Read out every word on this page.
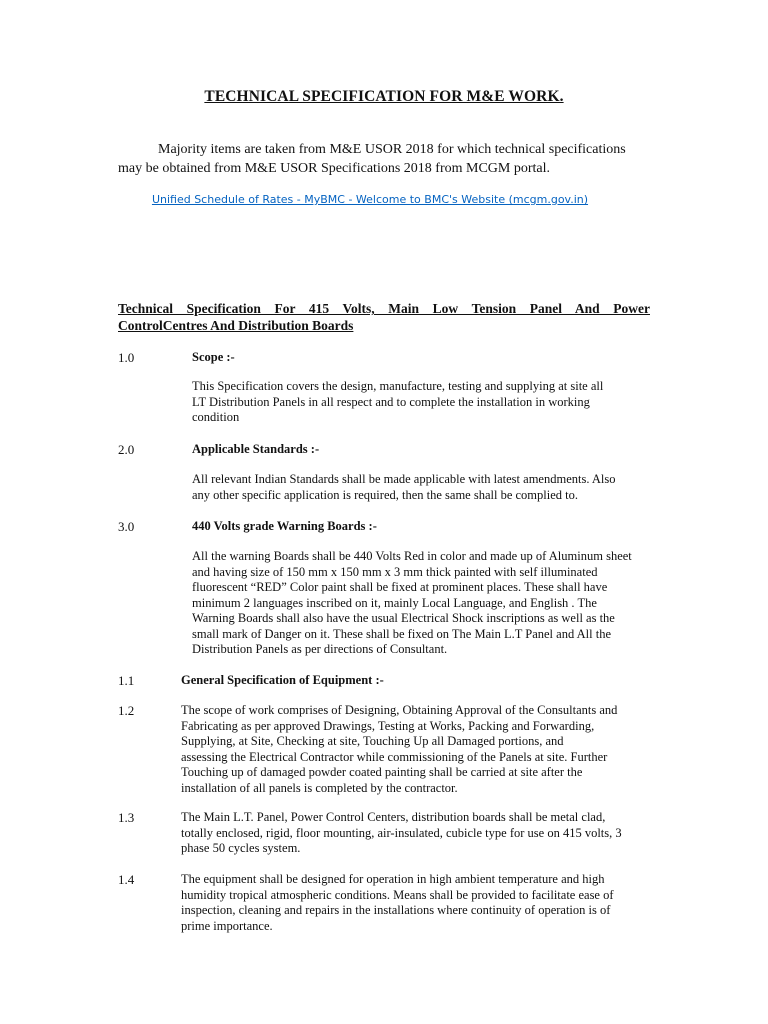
TECHNICAL SPECIFICATION FOR M&E WORK.
Majority items are taken from M&E USOR 2018 for which technical specifications
may be obtained from M&E USOR Specifications 2018 from MCGM portal.
Unified Schedule of Rates - MyBMC - Welcome to BMC's Website (mcgm.gov.in)
Technical Specification For 415 Volts, Main Low Tension Panel And Power
ControlCentres And Distribution Boards
1.0	Scope :-
This Specification covers the design, manufacture, testing and supplying at site all
LT Distribution Panels in all respect and to complete the installation in working
condition
2.0	Applicable Standards :-
All relevant Indian Standards shall be made applicable with latest amendments. Also
any other specific application is required, then the same shall be complied to.
3.0	440 Volts grade Warning Boards :-
All the warning Boards shall be 440 Volts Red in color and made up of Aluminum sheet
and having size of 150 mm x 150 mm x 3 mm thick painted with self illuminated
fluorescent “RED” Color paint shall be fixed at prominent places. These shall have
minimum 2 languages inscribed on it, mainly Local Language, and English . The
Warning Boards shall also have the usual Electrical Shock inscriptions as well as the
small mark of Danger on it. These shall be fixed on The Main L.T Panel and All the
Distribution Panels as per directions of Consultant.
1.1	General Specification of Equipment :-
1.2	The scope of work comprises of Designing, Obtaining Approval of the Consultants and
Fabricating as per approved Drawings, Testing at Works, Packing and Forwarding,
Supplying, at Site, Checking at site, Touching Up all Damaged portions, and
assessing the Electrical Contractor while commissioning of the Panels at site. Further
Touching up of damaged powder coated painting shall be carried at site after the
installation of all panels is completed by the contractor.
1.3	The Main L.T. Panel, Power Control Centers, distribution boards shall be metal clad,
totally enclosed, rigid, floor mounting, air-insulated, cubicle type for use on 415 volts, 3
phase 50 cycles system.
1.4	The equipment shall be designed for operation in high ambient temperature and high
humidity tropical atmospheric conditions. Means shall be provided to facilitate ease of
inspection, cleaning and repairs in the installations where continuity of operation is of
prime importance.
